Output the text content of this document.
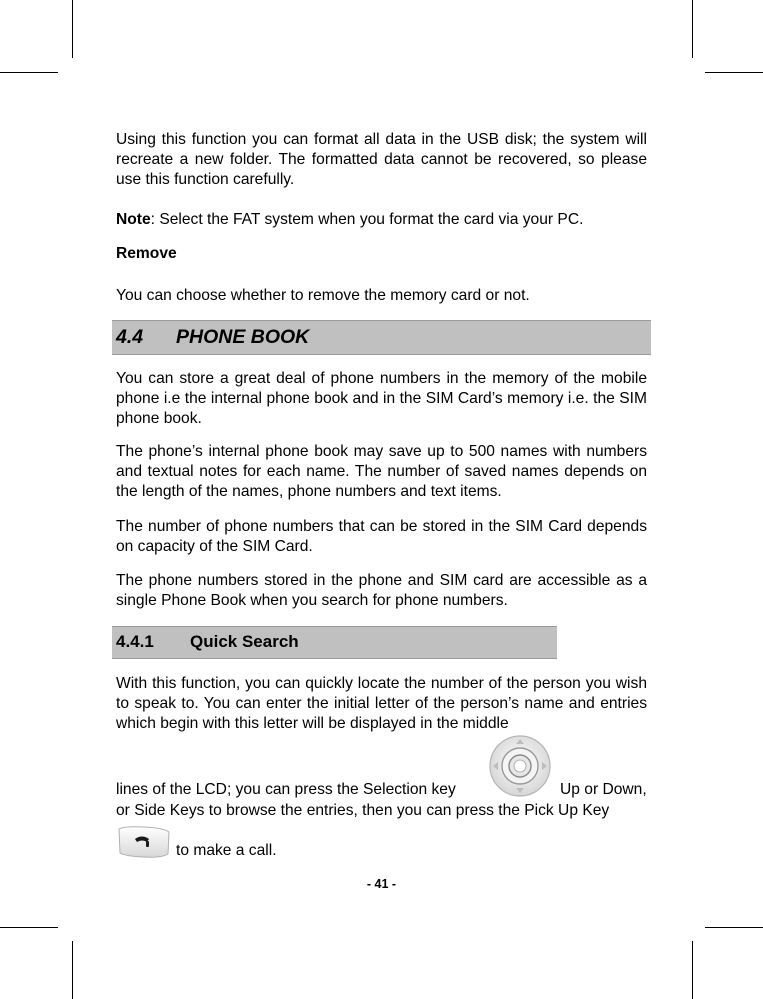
Using this function you can format all data in the USB disk; the system will recreate a new folder. The formatted data cannot be recovered, so please use this function carefully.

Note: Select the FAT system when you format the card via your PC.

Remove

You can choose whether to remove the memory card or not.

4.4 PHONE BOOK

You can store a great deal of phone numbers in the memory of the mobile phone i.e the internal phone book and in the SIM Card’s memory i.e. the SIM phone book.

The phone’s internal phone book may save up to 500 names with numbers and textual notes for each name. The number of saved names depends on the length of the names, phone numbers and text items.

The number of phone numbers that can be stored in the SIM Card depends on capacity of the SIM Card.

The phone numbers stored in the phone and SIM card are accessible as a single Phone Book when you search for phone numbers.

4.4.1 Quick Search

With this function, you can quickly locate the number of the person you wish to speak to. You can enter the initial letter of the person’s name and entries which begin with this letter will be displayed in the middle

lines of the LCD; you can press the Selection key	Up or Down,
or Side Keys to browse the entries, then you can press the Pick Up Key
to make a call.
- 41 -
